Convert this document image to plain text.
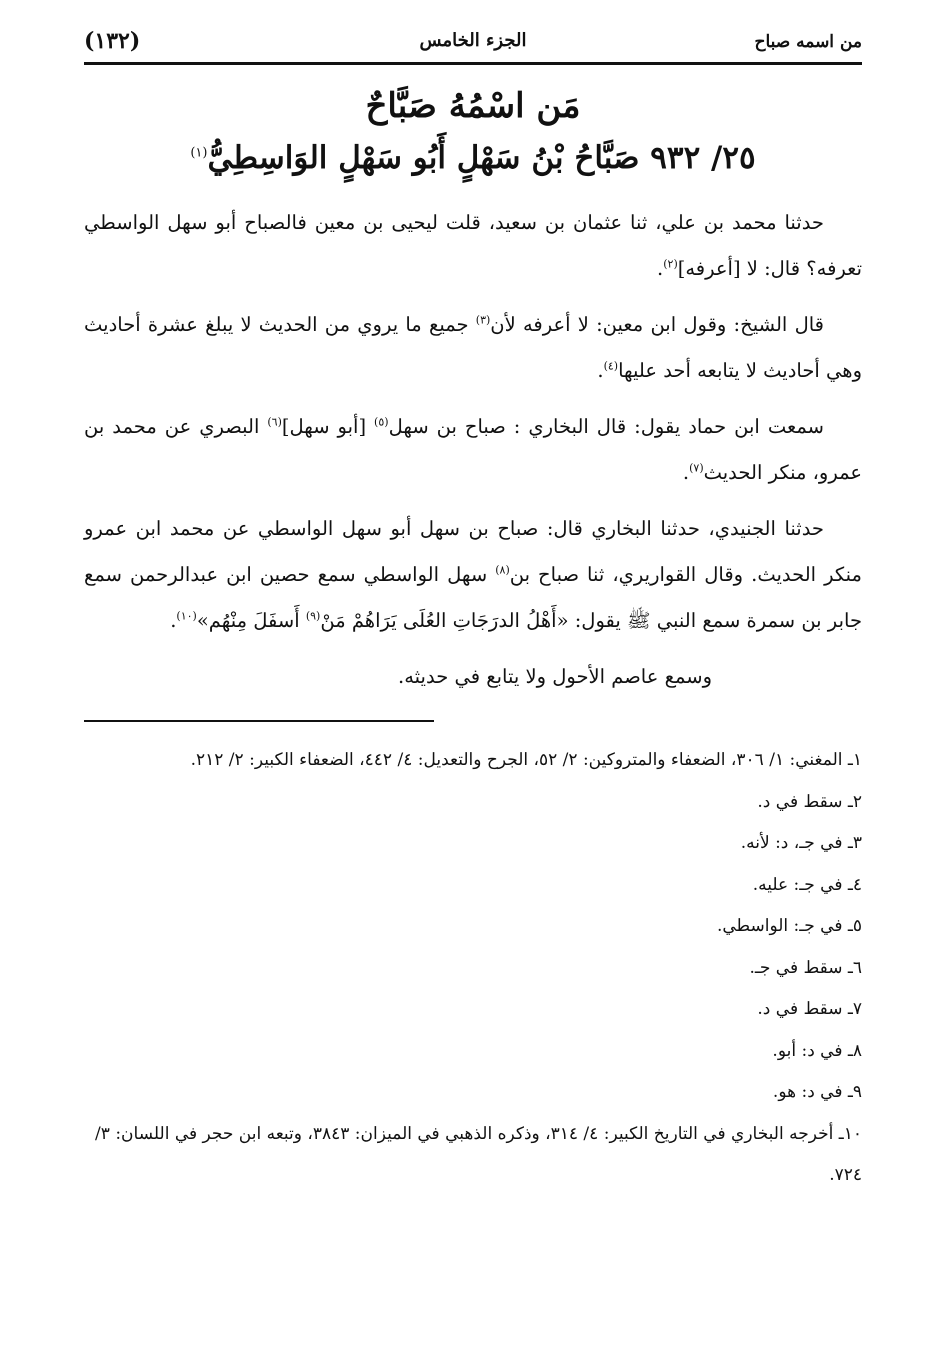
(١٣٢)	الجزء الخامس	من اسمه صباح
مَن اسْمُهُ صَبَّاحٌ
٢٥/ ٩٣٢ صَبَّاحُ بْنُ سَهْلٍ أَبُو سَهْلٍ الوَاسِطِيُّ$^{(١)}$

حدثنا محمد بن علي، ثنا عثمان بن سعيد، قلت ليحيى بن معين فالصباح أبو سهل الواسطي تعرفه؟ قال: لا [أعرفه]$^{(٢)}$.

قال الشيخ: وقول ابن معين: لا أعرفه لأن$^{(٣)}$ جميع ما يروي من الحديث لا يبلغ عشرة أحاديث وهي أحاديث لا يتابعه أحد عليها$^{(٤)}$.

سمعت ابن حماد يقول: قال البخاري : صباح بن سهل$^{(٥)}$ [أبو سهل]$^{(٦)}$ البصري عن محمد بن عمرو، منكر الحديث$^{(٧)}$.

حدثنا الجنيدي، حدثنا البخاري قال: صباح بن سهل أبو سهل الواسطي عن محمد ابن عمرو منكر الحديث. وقال القواريري، ثنا صباح بن$^{(٨)}$ سهل الواسطي سمع حصين ابن عبدالرحمن سمع جابر بن سمرة سمع النبي ﷺ يقول: «أَهْلُ الدرَجَاتِ العُلَى يَرَاهُمْ مَنْ$^{(٩)}$ أَسفَلَ مِنْهُم»$^{(١٠)}$.

وسمع عاصم الأحول ولا يتابع في حديثه.

١ـ المغني: ١/ ٣٠٦، الضعفاء والمتروكين: ٢/ ٥٢، الجرح والتعديل: ٤/ ٤٤٢، الضعفاء الكبير: ٢/ ٢١٢.
٢ـ سقط في د.
٣ـ في جـ، د: لأنه.
٤ـ في جـ: عليه.
٥ـ في جـ: الواسطي.
٦ـ سقط في جـ.
٧ـ سقط في د.
٨ـ في د: أبو.
٩ـ في د: هو.
١٠ـ أخرجه البخاري في التاريخ الكبير: ٤/ ٣١٤، وذكره الذهبي في الميزان: ٣٨٤٣، وتبعه ابن حجر في اللسان: ٣/ ٧٢٤.
